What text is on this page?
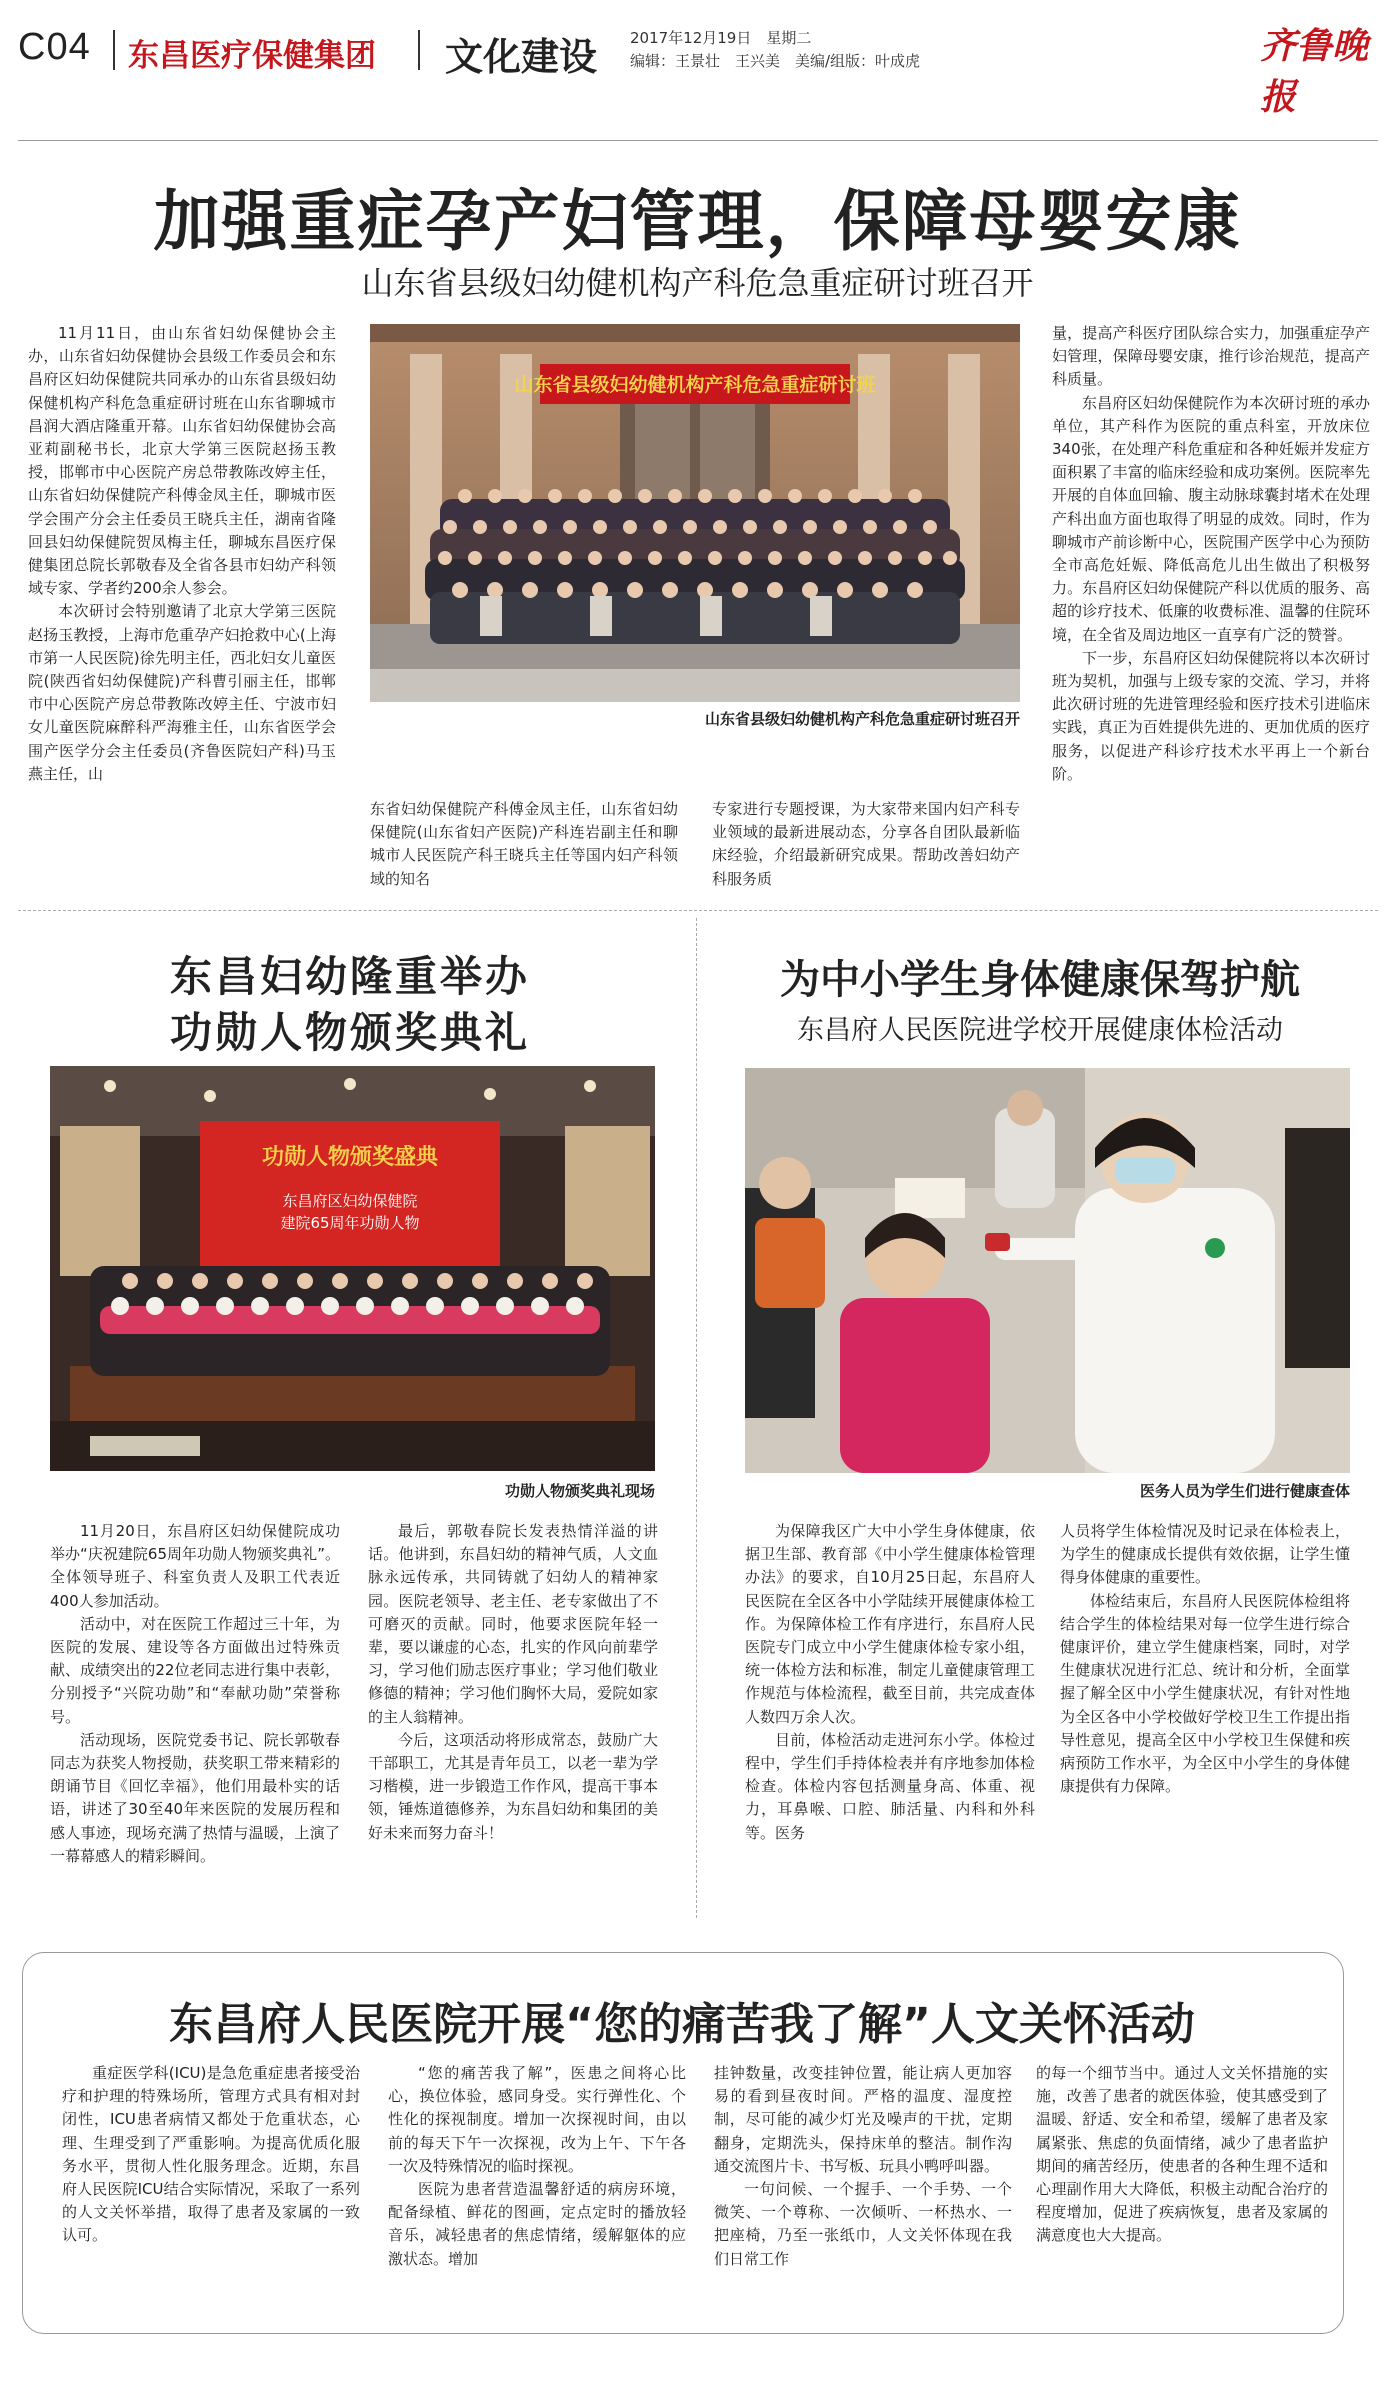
C04 东昌医疗保健集团 文化建设 2017年12月19日　星期二
编辑：王景壮　王兴美　美编/组版：叶成虎	齐鲁晚报
加强重症孕产妇管理，保障母婴安康
山东省县级妇幼健机构产科危急重症研讨班召开

11月11日，由山东省妇幼保健协会主办，山东省妇幼保健协会县级工作委员会和东昌府区妇幼保健院共同承办的山东省县级妇幼保健机构产科危急重症研讨班在山东省聊城市昌润大酒店隆重开幕。山东省妇幼保健协会高亚莉副秘书长，北京大学第三医院赵扬玉教授，邯郸市中心医院产房总带教陈改婷主任，山东省妇幼保健院产科傅金凤主任，聊城市医学会围产分会主任委员王晓兵主任，湖南省隆回县妇幼保健院贺凤梅主任，聊城东昌医疗保健集团总院长郭敬春及全省各县市妇幼产科领域专家、学者约200余人参会。

本次研讨会特别邀请了北京大学第三医院赵扬玉教授，上海市危重孕产妇抢救中心(上海市第一人民医院)徐先明主任，西北妇女儿童医院(陕西省妇幼保健院)产科曹引丽主任，邯郸市中心医院产房总带教陈改婷主任、宁波市妇女儿童医院麻醉科严海雅主任，山东省医学会围产医学分会主任委员(齐鲁医院妇产科)马玉燕主任，山

山东省县级妇幼健机构产科危急重症研讨班
山东省县级妇幼健机构产科危急重症研讨班召开

东省妇幼保健院产科傅金凤主任，山东省妇幼保健院(山东省妇产医院)产科连岩副主任和聊城市人民医院产科王晓兵主任等国内妇产科领域的知名

专家进行专题授课，为大家带来国内妇产科专业领域的最新进展动态，分享各自团队最新临床经验，介绍最新研究成果。帮助改善妇幼产科服务质

量，提高产科医疗团队综合实力，加强重症孕产妇管理，保障母婴安康，推行诊治规范，提高产科质量。

东昌府区妇幼保健院作为本次研讨班的承办单位，其产科作为医院的重点科室，开放床位340张，在处理产科危重症和各种妊娠并发症方面积累了丰富的临床经验和成功案例。医院率先开展的自体血回输、腹主动脉球囊封堵术在处理产科出血方面也取得了明显的成效。同时，作为聊城市产前诊断中心，医院围产医学中心为预防全市高危妊娠、降低高危儿出生做出了积极努力。东昌府区妇幼保健院产科以优质的服务、高超的诊疗技术、低廉的收费标准、温馨的住院环境，在全省及周边地区一直享有广泛的赞誉。

下一步，东昌府区妇幼保健院将以本次研讨班为契机，加强与上级专家的交流、学习，并将此次研讨班的先进管理经验和医疗技术引进临床实践，真正为百姓提供先进的、更加优质的医疗服务，以促进产科诊疗技术水平再上一个新台阶。

东昌妇幼隆重举办
功勋人物颁奖典礼
功勋人物颁奖盛典
东昌府区妇幼保健院
建院65周年功勋人物
功勋人物颁奖典礼现场

11月20日，东昌府区妇幼保健院成功举办“庆祝建院65周年功勋人物颁奖典礼”。全体领导班子、科室负责人及职工代表近400人参加活动。

活动中，对在医院工作超过三十年，为医院的发展、建设等各方面做出过特殊贡献、成绩突出的22位老同志进行集中表彰，分别授予“兴院功勋”和“奉献功勋”荣誉称号。

活动现场，医院党委书记、院长郭敬春同志为获奖人物授勋，获奖职工带来精彩的朗诵节目《回忆幸福》，他们用最朴实的话语，讲述了30至40年来医院的发展历程和感人事迹，现场充满了热情与温暖，上演了一幕幕感人的精彩瞬间。

最后，郭敬春院长发表热情洋溢的讲话。他讲到，东昌妇幼的精神气质，人文血脉永远传承，共同铸就了妇幼人的精神家园。医院老领导、老主任、老专家做出了不可磨灭的贡献。同时，他要求医院年轻一辈，要以谦虚的心态，扎实的作风向前辈学习，学习他们励志医疗事业；学习他们敬业修德的精神；学习他们胸怀大局，爱院如家的主人翁精神。

今后，这项活动将形成常态，鼓励广大干部职工，尤其是青年员工，以老一辈为学习楷模，进一步锻造工作作风，提高干事本领，锤炼道德修养，为东昌妇幼和集团的美好未来而努力奋斗！

为中小学生身体健康保驾护航
东昌府人民医院进学校开展健康体检活动
医务人员为学生们进行健康查体

为保障我区广大中小学生身体健康，依据卫生部、教育部《中小学生健康体检管理办法》的要求，自10月25日起，东昌府人民医院在全区各中小学陆续开展健康体检工作。为保障体检工作有序进行，东昌府人民医院专门成立中小学生健康体检专家小组，统一体检方法和标准，制定儿童健康管理工作规范与体检流程，截至目前，共完成查体人数四万余人次。

目前，体检活动走进河东小学。体检过程中，学生们手持体检表并有序地参加体检检查。体检内容包括测量身高、体重、视力，耳鼻喉、口腔、肺活量、内科和外科等。医务

人员将学生体检情况及时记录在体检表上，为学生的健康成长提供有效依据，让学生懂得身体健康的重要性。

体检结束后，东昌府人民医院体检组将结合学生的体检结果对每一位学生进行综合健康评价，建立学生健康档案，同时，对学生健康状况进行汇总、统计和分析，全面掌握了解全区中小学生健康状况，有针对性地为全区各中小学校做好学校卫生工作提出指导性意见，提高全区中小学校卫生保健和疾病预防工作水平，为全区中小学生的身体健康提供有力保障。

东昌府人民医院开展“您的痛苦我了解”人文关怀活动

重症医学科(ICU)是急危重症患者接受治疗和护理的特殊场所，管理方式具有相对封闭性，ICU患者病情又都处于危重状态，心理、生理受到了严重影响。为提高优质化服务水平，贯彻人性化服务理念。近期，东昌府人民医院ICU结合实际情况，采取了一系列的人文关怀举措，取得了患者及家属的一致认可。

“您的痛苦我了解”，医患之间将心比心，换位体验，感同身受。实行弹性化、个性化的探视制度。增加一次探视时间，由以前的每天下午一次探视，改为上午、下午各一次及特殊情况的临时探视。

医院为患者营造温馨舒适的病房环境，配备绿植、鲜花的图画，定点定时的播放轻音乐，减轻患者的焦虑情绪，缓解躯体的应激状态。增加

挂钟数量，改变挂钟位置，能让病人更加容易的看到昼夜时间。严格的温度、湿度控制，尽可能的减少灯光及噪声的干扰，定期翻身，定期洗头，保持床单的整洁。制作沟通交流图片卡、书写板、玩具小鸭呼叫器。

一句问候、一个握手、一个手势、一个微笑、一个尊称、一次倾听、一杯热水、一把座椅，乃至一张纸巾，人文关怀体现在我们日常工作

的每一个细节当中。通过人文关怀措施的实施，改善了患者的就医体验，使其感受到了温暖、舒适、安全和希望，缓解了患者及家属紧张、焦虑的负面情绪，减少了患者监护期间的痛苦经历，使患者的各种生理不适和心理副作用大大降低，积极主动配合治疗的程度增加，促进了疾病恢复，患者及家属的满意度也大大提高。
